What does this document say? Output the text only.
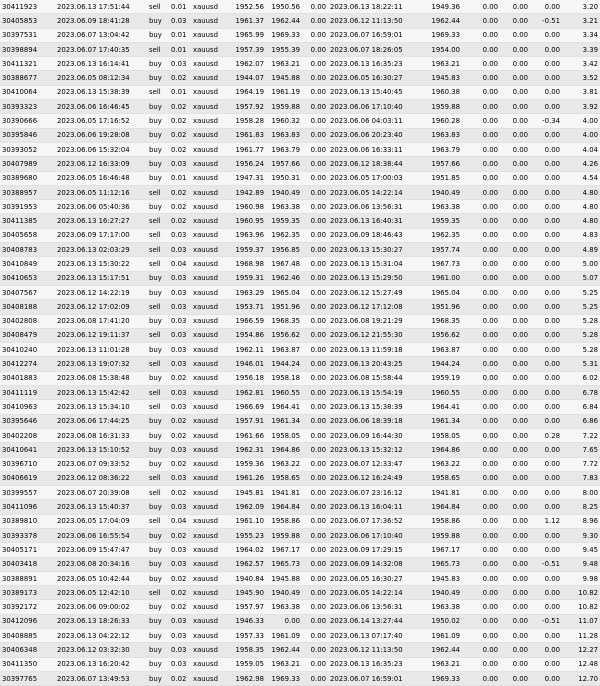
30411923	2023.06.13 17:51:44	sell	0.01	xauusd	1952.56	1950.56	0.00	2023.06.13 18:22:11	1949.36	0.00	0.00	0.00	3.20
30405853	2023.06.09 18:41:28	buy	0.03	xauusd	1961.37	1962.44	0.00	2023.06.12 11:13:50	1962.44	0.00	0.00	-0.51	3.21
30397531	2023.06.07 13:04:42	buy	0.01	xauusd	1965.99	1969.33	0.00	2023.06.07 16:59:01	1969.33	0.00	0.00	0.00	3.34
30398894	2023.06.07 17:40:35	sell	0.01	xauusd	1957.39	1955.39	0.00	2023.06.07 18:26:05	1954.00	0.00	0.00	0.00	3.39
30411321	2023.06.13 16:14:41	buy	0.03	xauusd	1962.07	1963.21	0.00	2023.06.13 16:35:23	1963.21	0.00	0.00	0.00	3.42
30388677	2023.06.05 08:12:34	buy	0.02	xauusd	1944.07	1945.88	0.00	2023.06.05 16:30:27	1945.83	0.00	0.00	0.00	3.52
30410064	2023.06.13 15:38:39	sell	0.01	xauusd	1964.19	1961.19	0.00	2023.06.13 15:40:45	1960.38	0.00	0.00	0.00	3.81
30393323	2023.06.06 16:46:45	buy	0.02	xauusd	1957.92	1959.88	0.00	2023.06.06 17:10:40	1959.88	0.00	0.00	0.00	3.92
30390666	2023.06.05 17:16:52	buy	0.02	xauusd	1958.28	1960.32	0.00	2023.06.06 04:03:11	1960.28	0.00	0.00	-0.34	4.00
30395846	2023.06.06 19:28:08	buy	0.02	xauusd	1961.83	1963.83	0.00	2023.06.06 20:23:40	1963.83	0.00	0.00	0.00	4.00
30393052	2023.06.06 15:32:04	buy	0.02	xauusd	1961.77	1963.79	0.00	2023.06.06 16:33:11	1963.79	0.00	0.00	0.00	4.04
30407989	2023.06.12 16:33:09	buy	0.03	xauusd	1956.24	1957.66	0.00	2023.06.12 18:38:44	1957.66	0.00	0.00	0.00	4.26
30389680	2023.06.05 16:46:48	buy	0.01	xauusd	1947.31	1950.31	0.00	2023.06.05 17:00:03	1951.85	0.00	0.00	0.00	4.54
30388957	2023.06.05 11:12:16	sell	0.02	xauusd	1942.89	1940.49	0.00	2023.06.05 14:22:14	1940.49	0.00	0.00	0.00	4.80
30391953	2023.06.06 05:40:36	buy	0.02	xauusd	1960.98	1963.38	0.00	2023.06.06 13:56:31	1963.38	0.00	0.00	0.00	4.80
30411385	2023.06.13 16:27:27	sell	0.02	xauusd	1960.95	1959.35	0.00	2023.06.13 16:40:31	1959.35	0.00	0.00	0.00	4.80
30405658	2023.06.09 17:17:00	sell	0.03	xauusd	1963.96	1962.35	0.00	2023.06.09 18:46:43	1962.35	0.00	0.00	0.00	4.83
30408783	2023.06.13 02:03:29	sell	0.03	xauusd	1959.37	1956.85	0.00	2023.06.13 15:30:27	1957.74	0.00	0.00	0.00	4.89
30410849	2023.06.13 15:30:22	sell	0.04	xauusd	1968.98	1967.48	0.00	2023.06.13 15:31:04	1967.73	0.00	0.00	0.00	5.00
30410653	2023.06.13 15:17:51	buy	0.03	xauusd	1959.31	1962.46	0.00	2023.06.13 15:29:50	1961.00	0.00	0.00	0.00	5.07
30407567	2023.06.12 14:22:19	buy	0.03	xauusd	1963.29	1965.04	0.00	2023.06.12 15:27:49	1965.04	0.00	0.00	0.00	5.25
30408188	2023.06.12 17:02:09	sell	0.03	xauusd	1953.71	1951.96	0.00	2023.06.12 17:12:08	1951.96	0.00	0.00	0.00	5.25
30402808	2023.06.08 17:41:20	buy	0.03	xauusd	1966.59	1968.35	0.00	2023.06.08 19:21:29	1968.35	0.00	0.00	0.00	5.28
30408479	2023.06.12 19:11:37	sell	0.03	xauusd	1954.86	1956.62	0.00	2023.06.12 21:55:30	1956.62	0.00	0.00	0.00	5.28
30410240	2023.06.13 11:01:28	buy	0.03	xauusd	1962.11	1963.87	0.00	2023.06.13 11:59:18	1963.87	0.00	0.00	0.00	5.28
30412274	2023.06.13 19:07:32	sell	0.03	xauusd	1946.01	1944.24	0.00	2023.06.13 20:43:25	1944.24	0.00	0.00	0.00	5.31
30401883	2023.06.08 15:38:48	buy	0.02	xauusd	1956.18	1958.18	0.00	2023.06.08 15:58:44	1959.19	0.00	0.00	0.00	6.02
30411119	2023.06.13 15:42:42	sell	0.03	xauusd	1962.81	1960.55	0.00	2023.06.13 15:54:19	1960.55	0.00	0.00	0.00	6.78
30410963	2023.06.13 15:34:10	sell	0.03	xauusd	1966.69	1964.41	0.00	2023.06.13 15:38:39	1964.41	0.00	0.00	0.00	6.84
30395646	2023.06.06 17:44:25	buy	0.02	xauusd	1957.91	1961.34	0.00	2023.06.06 18:39:18	1961.34	0.00	0.00	0.00	6.86
30402208	2023.06.08 16:31:33	buy	0.02	xauusd	1961.66	1958.05	0.00	2023.06.09 16:44:30	1958.05	0.00	0.00	0.28	7.22
30410641	2023.06.13 15:10:52	buy	0.03	xauusd	1962.31	1964.86	0.00	2023.06.13 15:32:12	1964.86	0.00	0.00	0.00	7.65
30396710	2023.06.07 09:33:52	buy	0.02	xauusd	1959.36	1963.22	0.00	2023.06.07 12:33:47	1963.22	0.00	0.00	0.00	7.72
30406619	2023.06.12 08:36:22	sell	0.03	xauusd	1961.26	1958.65	0.00	2023.06.12 16:24:49	1958.65	0.00	0.00	0.00	7.83
30399557	2023.06.07 20:39:08	sell	0.02	xauusd	1945.81	1941.81	0.00	2023.06.07 23:16:12	1941.81	0.00	0.00	0.00	8.00
30411096	2023.06.13 15:40:37	buy	0.03	xauusd	1962.09	1964.84	0.00	2023.06.13 16:04:11	1964.84	0.00	0.00	0.00	8.25
30389810	2023.06.05 17:04:09	sell	0.04	xauusd	1961.10	1958.86	0.00	2023.06.07 17:36:52	1958.86	0.00	0.00	1.12	8.96
30393378	2023.06.06 16:55:54	buy	0.02	xauusd	1955.23	1959.88	0.00	2023.06.06 17:10:40	1959.88	0.00	0.00	0.00	9.30
30405171	2023.06.09 15:47:47	buy	0.03	xauusd	1964.02	1967.17	0.00	2023.06.09 17:29:15	1967.17	0.00	0.00	0.00	9.45
30403418	2023.06.08 20:34:16	buy	0.03	xauusd	1962.57	1965.73	0.00	2023.06.09 14:32:08	1965.73	0.00	0.00	-0.51	9.48
30388891	2023.06.05 10:42:44	buy	0.02	xauusd	1940.84	1945.88	0.00	2023.06.05 16:30:27	1945.83	0.00	0.00	0.00	9.98
30389173	2023.06.05 12:42:10	sell	0.02	xauusd	1945.90	1940.49	0.00	2023.06.05 14:22:14	1940.49	0.00	0.00	0.00	10.82
30392172	2023.06.06 09:00:02	buy	0.02	xauusd	1957.97	1963.38	0.00	2023.06.06 13:56:31	1963.38	0.00	0.00	0.00	10.82
30412096	2023.06.13 18:26:33	buy	0.03	xauusd	1946.33	0.00	0.00	2023.06.14 13:27:44	1950.02	0.00	0.00	-0.51	11.07
30408885	2023.06.13 04:22:12	buy	0.03	xauusd	1957.33	1961.09	0.00	2023.06.13 07:17:40	1961.09	0.00	0.00	0.00	11.28
30406348	2023.06.12 03:32:30	buy	0.03	xauusd	1958.35	1962.44	0.00	2023.06.12 11:13:50	1962.44	0.00	0.00	0.00	12.27
30411350	2023.06.13 16:20:42	buy	0.03	xauusd	1959.05	1963.21	0.00	2023.06.13 16:35:23	1963.21	0.00	0.00	0.00	12.48
30397765	2023.06.07 13:49:53	buy	0.02	xauusd	1962.98	1969.33	0.00	2023.06.07 16:59:01	1969.33	0.00	0.00	0.00	12.70
